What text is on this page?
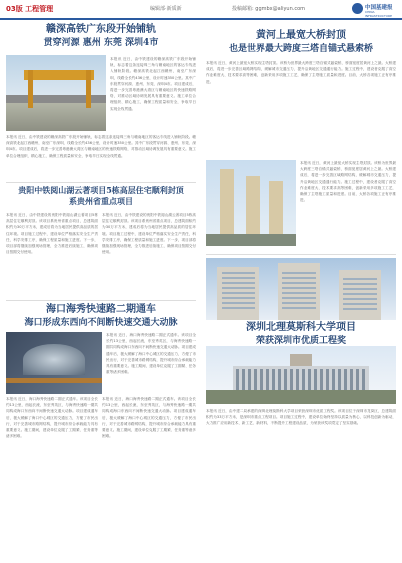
03版 工程管理	编辑部·新质新	投稿邮箱: ggmbx@aliyun.com	中国基建报
CHINA INFRASTRUCTURE
赣深高铁广东段开始铺轨
贯穿河源 惠州 东莞 深圳4市
本报讯 近日，由中铁建设的赣深高铁广东段开始铺轨，标志着这条连接珠三角与赣南地区的客运专线进入铺轨阶段。赣深高铁北起江西赣州，南至广东深圳，线路全长约436公里，设计时速350公里。其中广东段贯穿河源、惠州、东莞、深圳4市。项目建成后，将进一步完善粤港澳大湾区与赣南地区的快速铁路网络，对推动区域协调发展具有重要意义。施工单位合理组织、精心施工，确保工程质量和安全，争取早日实现全线贯通。
本报讯 近日，由中铁建设的赣深高铁广东段开始铺轨，标志着这条连接珠三角与赣南地区的客运专线进入铺轨阶段。赣深高铁北起江西赣州，南至广东深圳，线路全长约436公里，设计时速350公里。其中广东段贯穿河源、惠州、东莞、深圳4市。项目建成后，将进一步完善粤港澳大湾区与赣南地区的快速铁路网络，对推动区域协调发展具有重要意义。施工单位合理组织、精心施工，确保工程质量和安全，争取早日实现全线贯通。
黄河上最宽大桥封顶
也是世界最大跨度三塔自锚式悬索桥
本报讯 近日，黄河上最宽大桥实现主塔封顶。该桥为世界最大跨度三塔自锚式悬索桥，桥面宽度居黄河上之最。大桥建成后，将进一步完善区域路网结构，缓解城市交通压力，提升沿黄地区交通通行能力。施工过程中，建设者克服了高空作业难度大、技术要求高等困难，创新采用多项施工工艺，确保了主塔施工质量和进度。目前，大桥各项施工正有序推进。
本报讯 近日，黄河上最宽大桥实现主塔封顶。该桥为世界最大跨度三塔自锚式悬索桥，桥面宽度居黄河上之最。大桥建成后，将进一步完善区域路网结构，缓解城市交通压力，提升沿黄地区交通通行能力。施工过程中，建设者克服了高空作业难度大、技术要求高等困难，创新采用多项施工工艺，确保了主塔施工质量和进度。目前，大桥各项施工正有序推进。
贵阳中铁阅山湖云著项目5栋高层住宅顺利封顶
系贵州省重点项目
本报讯 近日，由中铁建设的贵阳中铁阅山湖云著项目5栋高层住宅顺利封顶。该项目系贵州省重点项目，总建筑面积约为30万平方米，建成后将为当地居民提供高品质的居住环境。项目施工过程中，建设单位严格落实安全生产责任，科学安排工序，确保工程质量和施工进度。下一步，项目部将继续加强现场管理，全力推进后续施工，确保项目按期交付使用。
本报讯 近日，由中铁建设的贵阳中铁阅山湖云著项目5栋高层住宅顺利封顶。该项目系贵州省重点项目，总建筑面积约为30万平方米，建成后将为当地居民提供高品质的居住环境。项目施工过程中，建设单位严格落实安全生产责任，科学安排工序，确保工程质量和施工进度。下一步，项目部将继续加强现场管理，全力推进后续施工，确保项目按期交付使用。
海口海秀快速路二期通车
海口形成东西向不间断快速交通大动脉
本报讯 近日，海口海秀快速路二期正式通车。该项目全长约13公里，西起长流，东至秀英区，与海秀快速路一期共同构成海口东西向不间断快速交通大动脉。项目建成通车后，极大缓解了海口中心城区的交通压力，方便了市民出行，对于完善城市路网结构，提升城市综合承载能力具有重要意义。施工期间，建设单位克服了工期紧、任务重等诸多困难。
本报讯 近日，海口海秀快速路二期正式通车。该项目全长约13公里，西起长流，东至秀英区，与海秀快速路一期共同构成海口东西向不间断快速交通大动脉。项目建成通车后，极大缓解了海口中心城区的交通压力，方便了市民出行，对于完善城市路网结构，提升城市综合承载能力具有重要意义。施工期间，建设单位克服了工期紧、任务重等诸多困难。
本报讯 近日，海口海秀快速路二期正式通车。该项目全长约13公里，西起长流，东至秀英区，与海秀快速路一期共同构成海口东西向不间断快速交通大动脉。项目建成通车后，极大缓解了海口中心城区的交通压力，方便了市民出行，对于完善城市路网结构，提升城市综合承载能力具有重要意义。施工期间，建设单位克服了工期紧、任务重等诸多困难。
深圳北理莫斯科大学项目
荣获深圳市优质工程奖
本报讯 近日，由中建二局承建的深圳北理莫斯科大学项目荣获深圳市优质工程奖。该项目位于深圳市龙岗区，总建筑面积约为33万平方米，是深圳市重点工程项目。项目施工过程中，建设单位始终坚持以质量为核心，以科技创新为驱动，大力推广应用新技术、新工艺、新材料，不断提升工程建设品质，为荣获该奖项奠定了坚实基础。
